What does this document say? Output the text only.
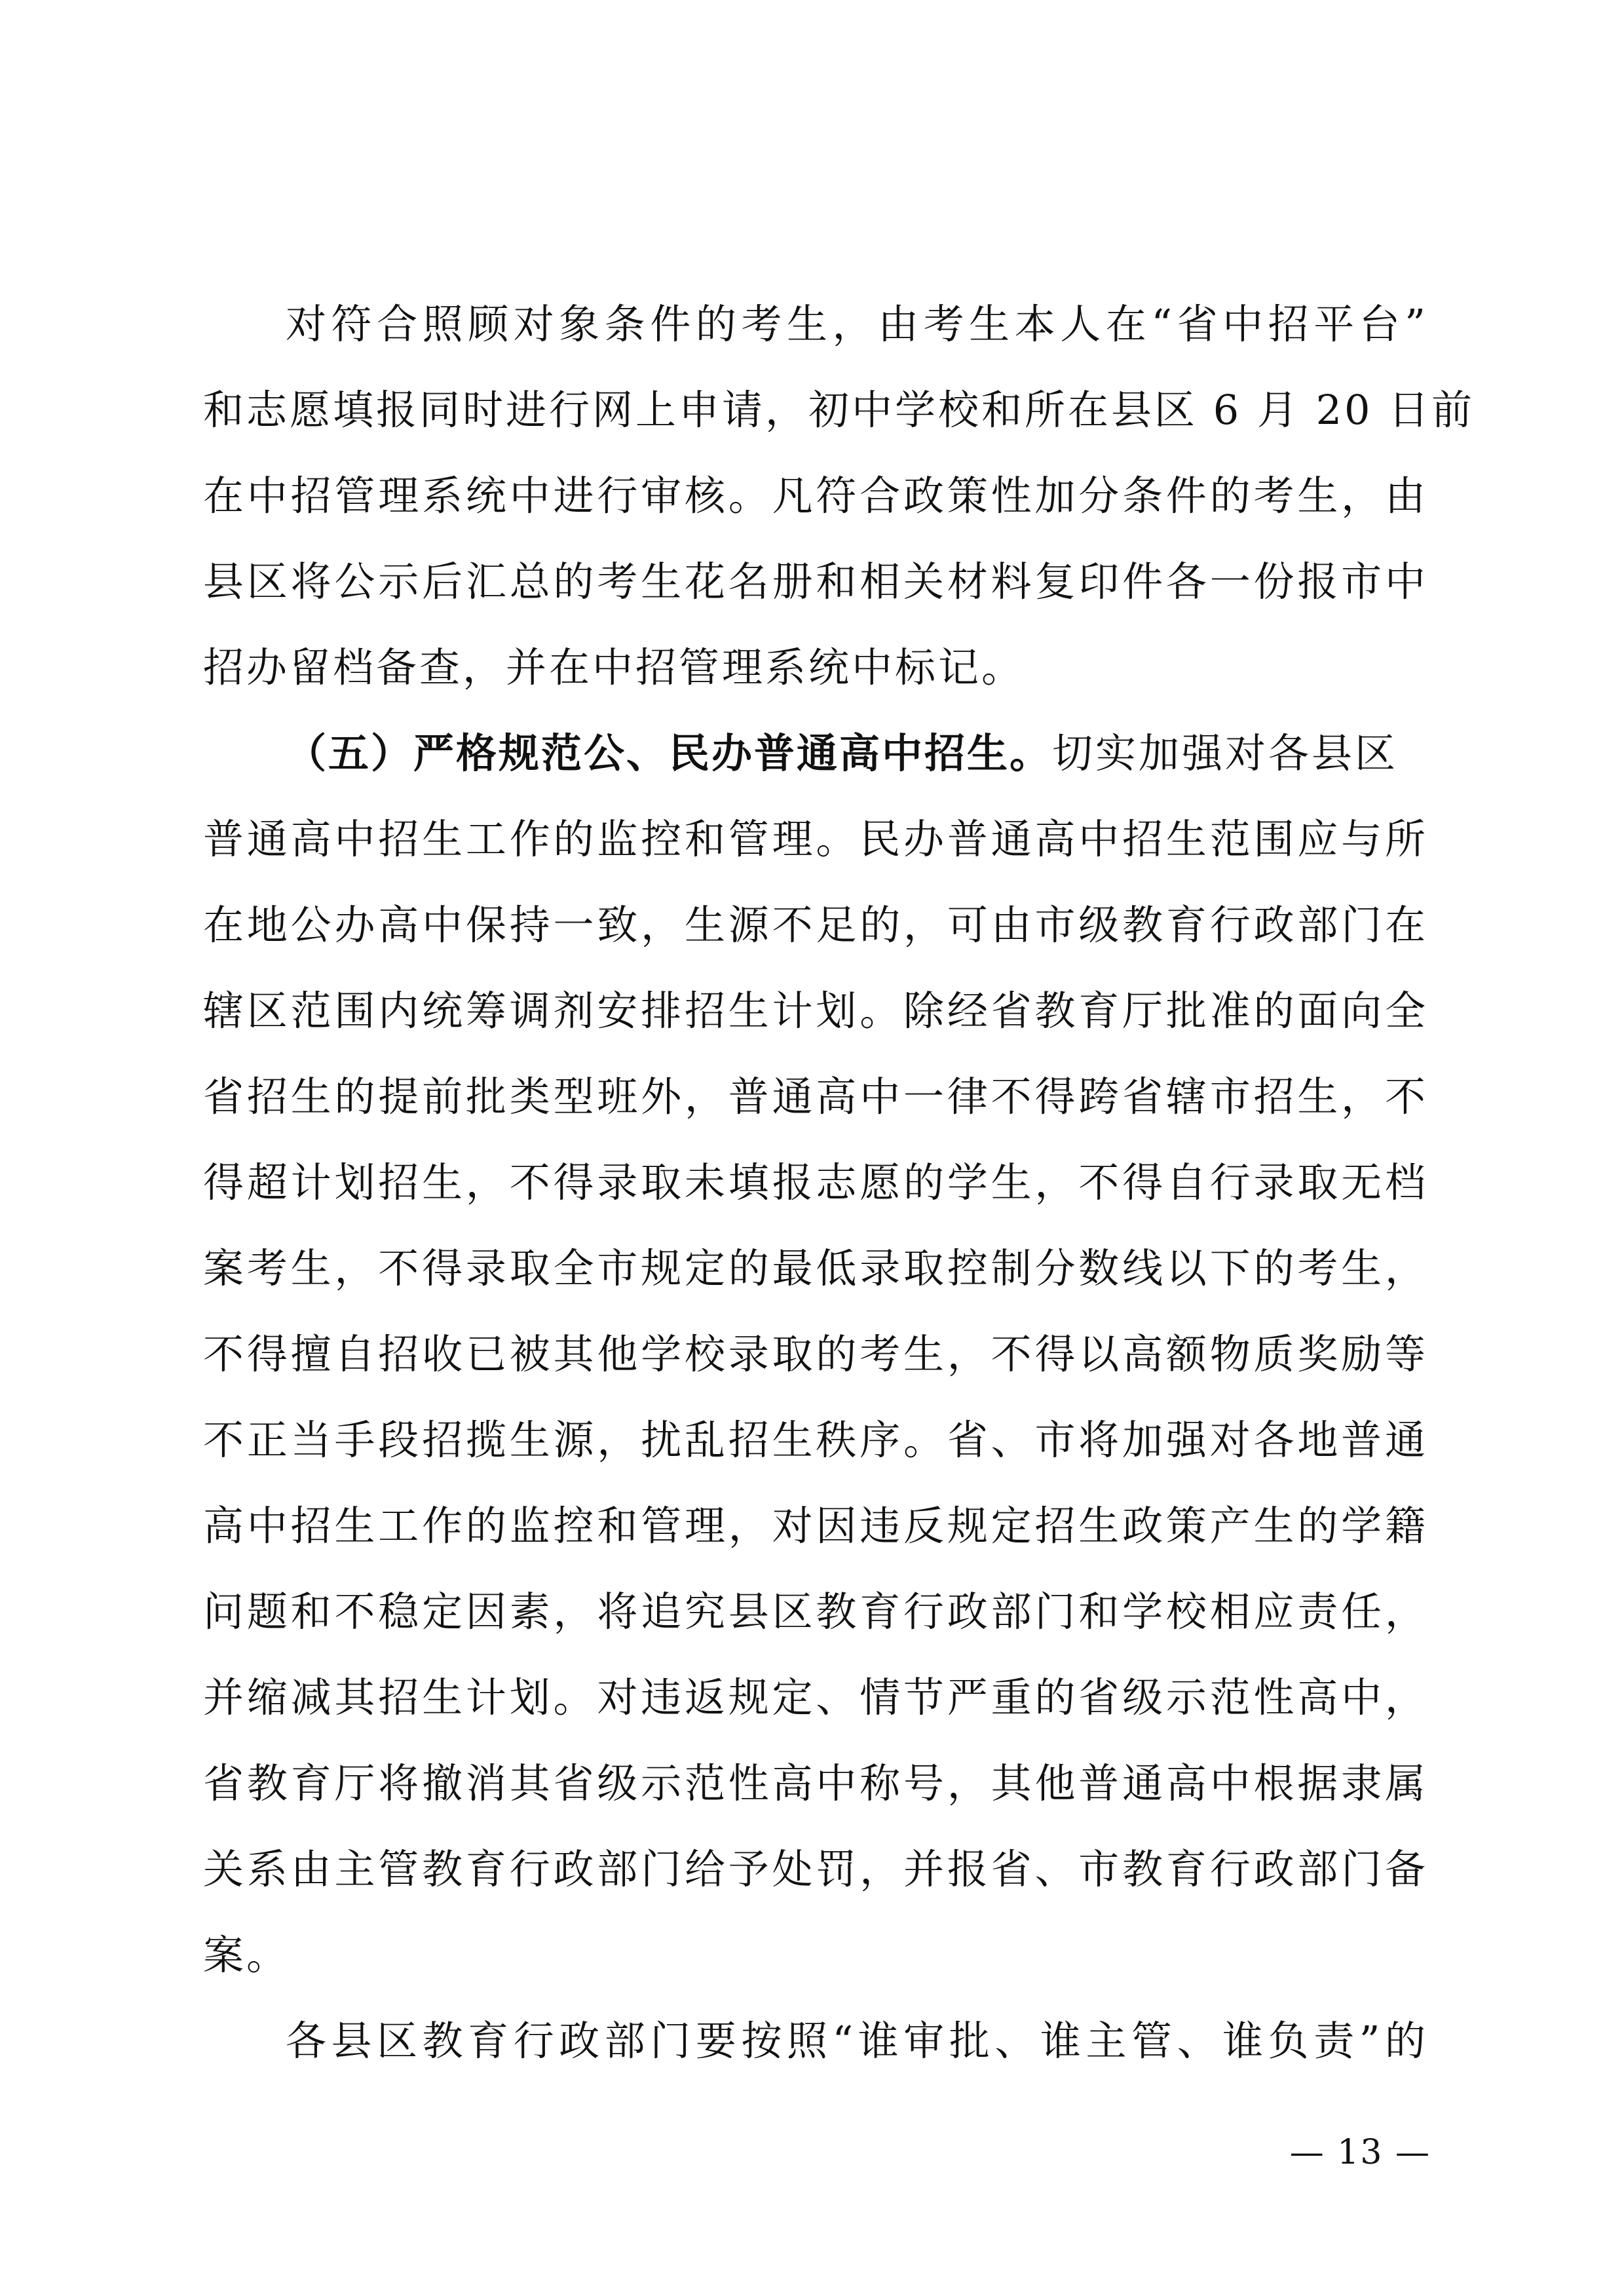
对符合照顾对象条件的考生，由考生本人在“省中招平台”
和志愿填报同时进行网上申请，初中学校和所在县区 6 月 20 日前
在中招管理系统中进行审核。凡符合政策性加分条件的考生，由
县区将公示后汇总的考生花名册和相关材料复印件各一份报市中
招办留档备查，并在中招管理系统中标记。
（五）严格规范公、民办普通高中招生。切实加强对各县区
普通高中招生工作的监控和管理。民办普通高中招生范围应与所
在地公办高中保持一致，生源不足的，可由市级教育行政部门在
辖区范围内统筹调剂安排招生计划。除经省教育厅批准的面向全
省招生的提前批类型班外，普通高中一律不得跨省辖市招生，不
得超计划招生，不得录取未填报志愿的学生，不得自行录取无档
案考生，不得录取全市规定的最低录取控制分数线以下的考生，
不得擅自招收已被其他学校录取的考生，不得以高额物质奖励等
不正当手段招揽生源，扰乱招生秩序。省、市将加强对各地普通
高中招生工作的监控和管理，对因违反规定招生政策产生的学籍
问题和不稳定因素，将追究县区教育行政部门和学校相应责任，
并缩减其招生计划。对违返规定、情节严重的省级示范性高中，
省教育厅将撤消其省级示范性高中称号，其他普通高中根据隶属
关系由主管教育行政部门给予处罚，并报省、市教育行政部门备
案。
各县区教育行政部门要按照“谁审批、谁主管、谁负责”的
— 13 —
